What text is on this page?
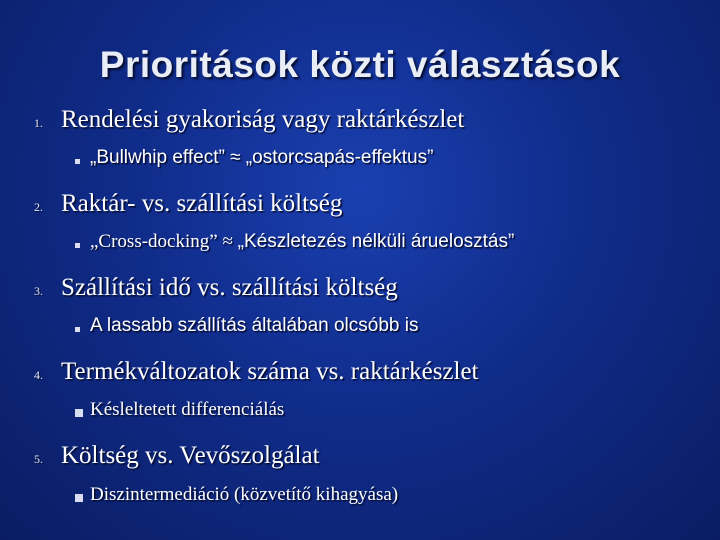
Prioritások közti választások
1. Rendelési gyakoriság vagy raktárkészlet
„Bullwhip effect” ≈ „ostorcsapás-effektus”
2. Raktár- vs. szállítási költség
„Cross-docking” ≈ „Készletezés nélküli áruelosztás”
3. Szállítási idő vs. szállítási költség
A lassabb szállítás általában olcsóbb is
4. Termékváltozatok száma vs. raktárkészlet
Késleltetett differenciálás
5. Költség vs. Vevőszolgálat
Diszintermediáció (közvetítő kihagyása)
